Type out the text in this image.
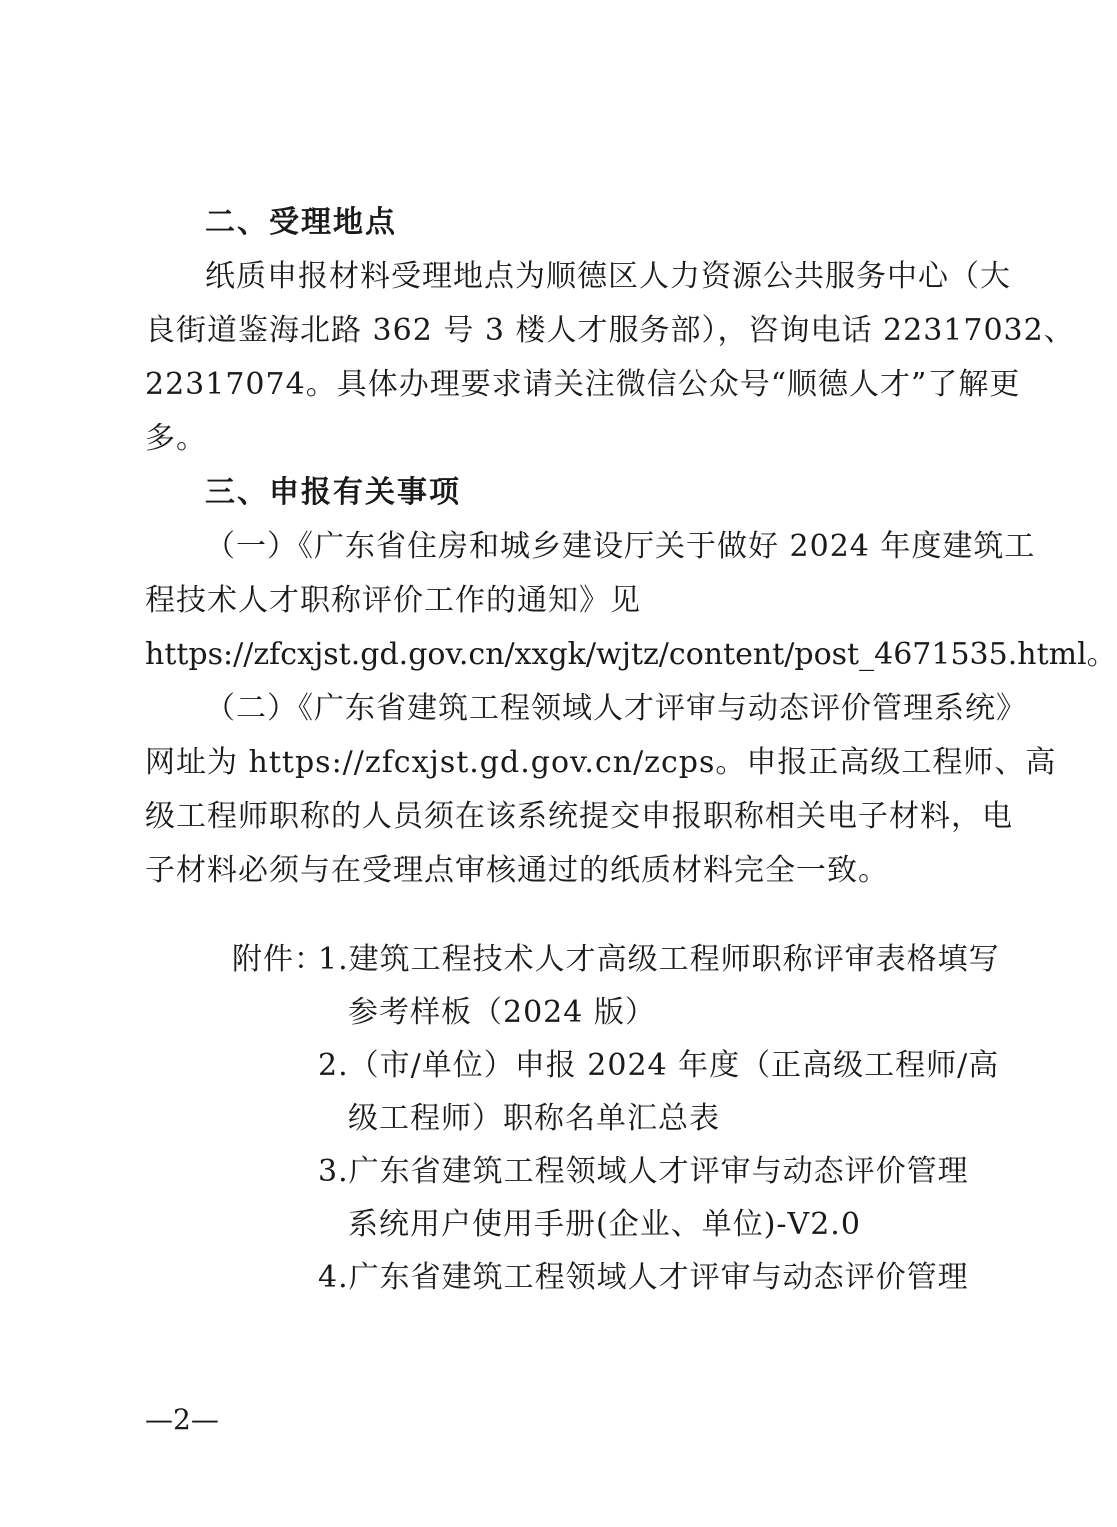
二、受理地点
纸质申报材料受理地点为顺德区人力资源公共服务中心（大
良街道鉴海北路 362 号 3 楼人才服务部），咨询电话 22317032、
22317074。具体办理要求请关注微信公众号“顺德人才”了解更
多。
三、申报有关事项
（一）《广东省住房和城乡建设厅关于做好 2024 年度建筑工
程技术人才职称评价工作的通知》见
https://zfcxjst.gd.gov.cn/xxgk/wjtz/content/post_4671535.html。
（二）《广东省建筑工程领域人才评审与动态评价管理系统》
网址为 https://zfcxjst.gd.gov.cn/zcps。申报正高级工程师、高
级工程师职称的人员须在该系统提交申报职称相关电子材料，电
子材料必须与在受理点审核通过的纸质材料完全一致。
附件：
1.建筑工程技术人才高级工程师职称评审表格填写
参考样板（2024 版）
2.（市/单位）申报 2024 年度（正高级工程师/高
级工程师）职称名单汇总表
3.广东省建筑工程领域人才评审与动态评价管理
系统用户使用手册(企业、单位)-V2.0
4.广东省建筑工程领域人才评审与动态评价管理
—2—
